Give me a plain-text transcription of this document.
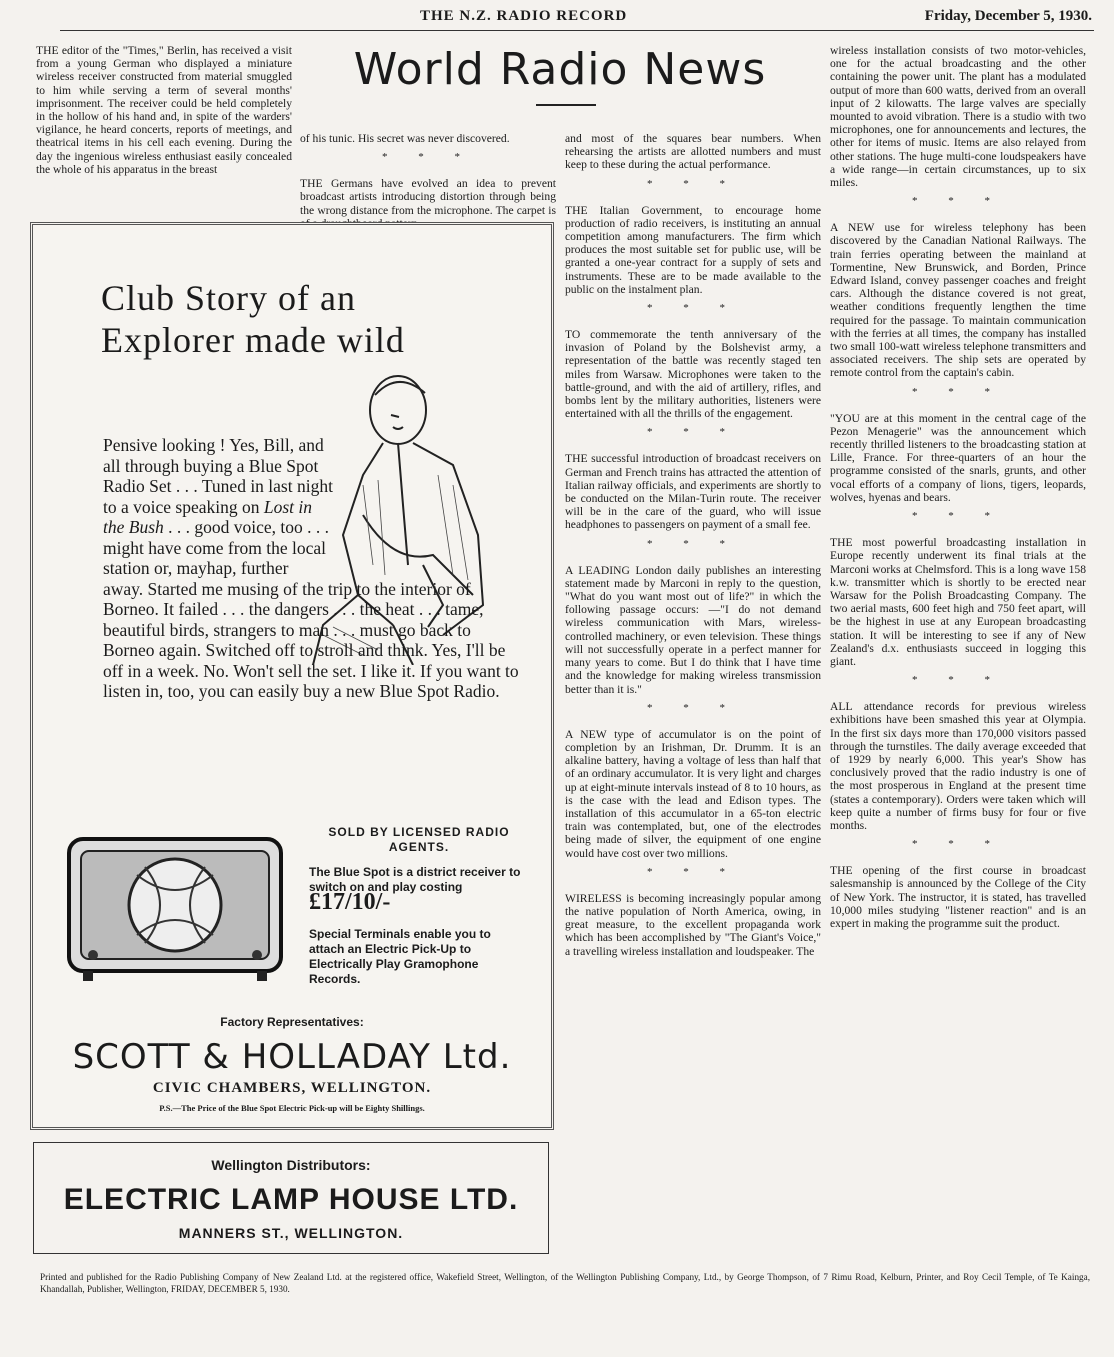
THE N.Z. RADIO RECORD	Friday, December 5, 1930.

THE editor of the "Times," Berlin, has received a visit from a young German who displayed a miniature wireless receiver constructed from material smuggled to him while serving a term of several months' imprisonment. The receiver could be held completely in the hollow of his hand and, in spite of the warders' vigilance, he heard concerts, reports of meetings, and theatrical items in his cell each evening. During the day the ingenious wireless enthusiast easily concealed the whole of his apparatus in the breast

World Radio News

of his tunic. His secret was never discovered.

* * *

THE Germans have evolved an idea to prevent broadcast artists introducing distortion through being the wrong distance from the microphone. The carpet is

and most of the squares bear numbers. When rehearsing the artists are allotted numbers and must keep to these during the actual performance.

* * *

THE Italian Government, to encourage home production of radio receivers, is instituting an annual competition among manufacturers. The firm which produces the most suitable set for public use, will be granted a one-year contract for a supply of sets and instruments. These are to be made available to the public on the instalment plan.

* * *

TO commemorate the tenth anniversary of the invasion of Poland by the Bolshevist army, a representation of the battle was recently staged ten miles from Warsaw. Microphones were taken to the battle-ground, and with the aid of artillery, rifles, and bombs lent by the military authorities, listeners were entertained with all the thrills of the engagement.

* * *

THE successful introduction of broadcast receivers on German and French trains has attracted the attention of Italian railway officials, and experiments are shortly to be conducted on the Milan-Turin route. The receiver will be in the care of the guard, who will issue headphones to passengers on payment of a small fee.

* * *

A LEADING London daily publishes an interesting statement made by Marconi in reply to the question, "What do you want most out of life?" in which the following passage occurs: —"I do not demand wireless communication with Mars, wireless-controlled machinery, or even television. These things will not successfully operate in a perfect manner for many years to come. But I do think that I have time and the knowledge for making wireless transmission better than it is."

* * *

A NEW type of accumulator is on the point of completion by an Irishman, Dr. Drumm. It is an alkaline battery, having a voltage of less than half that of an ordinary accumulator. It is very light and charges up at eight-minute intervals instead of 8 to 10 hours, as is the case with the lead and Edison types. The installation of this accumulator in a 65-ton electric train was contemplated, but, one of the electrodes being made of silver, the equipment of one engine would have cost over two millions.

* * *

WIRELESS is becoming increasingly popular among the native population of North America, owing, in great measure, to the excellent propaganda work which has been accomplished by "The Giant's Voice," a travelling wireless installation and loudspeaker. The

wireless installation consists of two motor-vehicles, one for the actual broadcasting and the other containing the power unit. The plant has a modulated output of more than 600 watts, derived from an overall input of 2 kilowatts. The large valves are specially mounted to avoid vibration. There is a studio with two microphones, one for announcements and lectures, the other for items of music. Items are also relayed from other stations. The huge multi-cone loudspeakers have a wide range—in certain circumstances, up to six miles.

* * *

A NEW use for wireless telephony has been discovered by the Canadian National Railways. The train ferries operating between the mainland at Tormentine, New Brunswick, and Borden, Prince Edward Island, convey passenger coaches and freight cars. Although the distance covered is not great, weather conditions frequently lengthen the time required for the passage. To maintain communication with the ferries at all times, the company has installed two small 100-watt wireless telephone transmitters and associated receivers. The ship sets are operated by remote control from the captain's cabin.

* * *

"YOU are at this moment in the central cage of the Pezon Menagerie" was the announcement which recently thrilled listeners to the broadcasting station at Lille, France. For three-quarters of an hour the programme consisted of the snarls, grunts, and other vocal efforts of a company of lions, tigers, leopards, wolves, hyenas and bears.

* * *

THE most powerful broadcasting installation in Europe recently underwent its final trials at the Marconi works at Chelmsford. This is a long wave 158 k.w. transmitter which is shortly to be erected near Warsaw for the Polish Broadcasting Company. The two aerial masts, 600 feet high and 750 feet apart, will be the highest in use at any European broadcasting station. It will be interesting to see if any of New Zealand's d.x. enthusiasts succeed in logging this giant.

* * *

ALL attendance records for previous wireless exhibitions have been smashed this year at Olympia. In the first six days more than 170,000 visitors passed through the turnstiles. The daily average exceeded that of 1929 by nearly 6,000. This year's Show has conclusively proved that the radio industry is one of the most prosperous in England at the present time (states a contemporary). Orders were taken which will keep quite a number of firms busy for four or five months.

* * *

THE opening of the first course in broadcast salesmanship is announced by the College of the City of New York. The instructor, it is stated, has travelled 10,000 miles studying "listener reaction" and is an expert in making the programme suit the product.

Club Story of an
Explorer made wild
Pensive looking ! Yes, Bill, and all through buying a Blue Spot Radio Set . . . Tuned in last night to a voice speaking on Lost in the Bush . . . good voice, too . . . might have come from the local station or, mayhap, further
away. Started me musing of the trip to the interior of Borneo. It failed . . . the dangers . . . the heat . . . tame, beautiful birds, strangers to man . . . must go back to Borneo again. Switched off to stroll and think. Yes, I'll be off in a week. No. Won't sell the set. I like it. If you want to listen in, too, you can easily buy a new Blue Spot Radio.
SOLD BY LICENSED RADIO AGENTS.
The Blue Spot is a district receiver to switch on and play costing £17/10/-
Special Terminals enable you to attach an Electric Pick-Up to Electrically Play Gramophone Records.
Factory Representatives:
SCOTT & HOLLADAY Ltd.
CIVIC CHAMBERS, WELLINGTON.
P.S.—The Price of the Blue Spot Electric Pick-up will be Eighty Shillings.
Wellington Distributors:
ELECTRIC LAMP HOUSE LTD.
MANNERS ST., WELLINGTON.

Printed and published for the Radio Publishing Company of New Zealand Ltd. at the registered office, Wakefield Street, Wellington, of the Wellington Publishing Company, Ltd., by George Thompson, of 7 Rimu Road, Kelburn, Printer, and Roy Cecil Temple, of Te Kainga, Khandallah, Publisher, Wellington, FRIDAY, DECEMBER 5, 1930.
